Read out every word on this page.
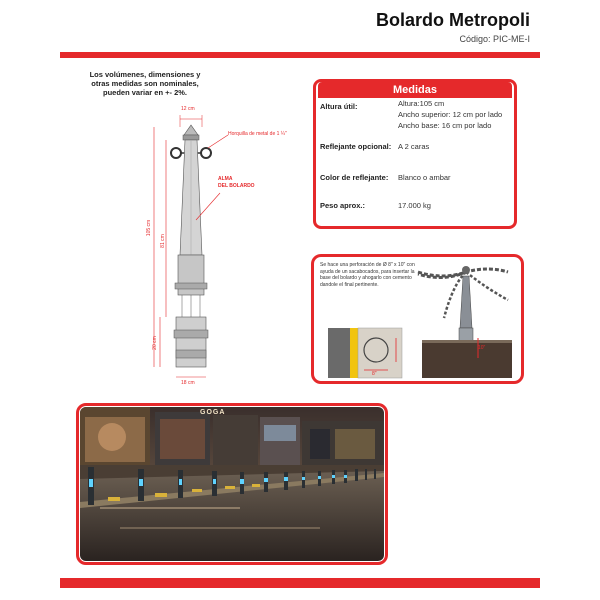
Bolardo Metropoli
Código: PIC-ME-I
Los volúmenes, dimensiones y otras medidas son nominales, pueden variar en +- 2%.
12 cm
18 cm
105 cm
81 cm
20 cm
Horquilla de metal de 1 ¼"
ALMA
DEL BOLARDO
Medidas
Altura útil:	Altura:105 cm
Ancho superior: 12 cm por lado
Ancho base: 16 cm por lado
Reflejante opcional: A 2 caras
Color de reflejante: Blanco o ambar
Peso aprox.:	17.000 kg
Se hace una perforación de Ø 8" x 10" con ayuda de un sacabocados, para insertar la base del bolardo y ahogarlo con cemento dandole el final pertinente.
8"
10"
GOGA
